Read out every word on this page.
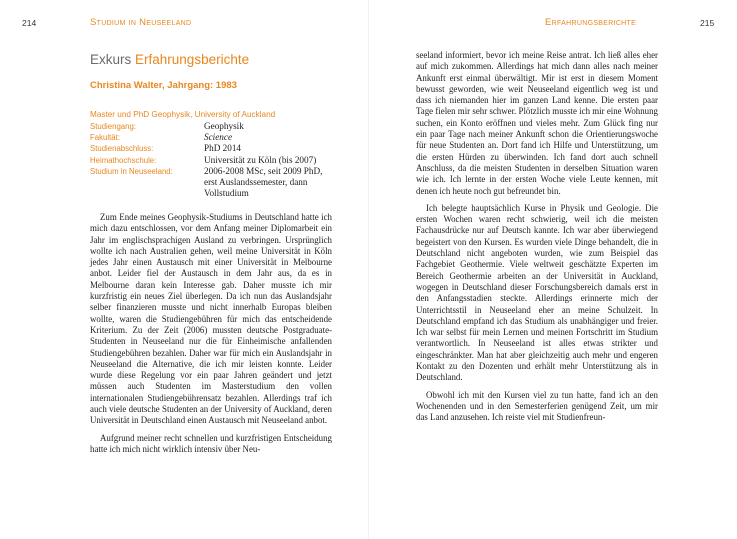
214	Studium in Neuseeland
Exkurs Erfahrungsberichte
Christina Walter, Jahrgang: 1983
Master und PhD Geophysik, University of Auckland
Studiengang:	Geophysik
Fakultät:	Science
Studienabschluss:	PhD 2014
Heimathochschule:	Universität zu Köln (bis 2007)
Studium in Neuseeland:	2006-2008 MSc, seit 2009 PhD, erst Auslandssemester, dann Vollstudium

Zum Ende meines Geophysik-Studiums in Deutschland hatte ich mich dazu entschlossen, vor dem Anfang meiner Diplomarbeit ein Jahr im englischsprachigen Ausland zu verbringen. Ursprünglich wollte ich nach Australien gehen, weil meine Universität in Köln jedes Jahr einen Austausch mit einer Universität in Melbourne anbot. Leider fiel der Austausch in dem Jahr aus, da es in Melbourne daran kein Interesse gab. Daher musste ich mir kurzfristig ein neues Ziel überlegen. Da ich nun das Auslandsjahr selber finanzieren musste und nicht innerhalb Europas bleiben wollte, waren die Studiengebühren für mich das entscheidende Kriterium. Zu der Zeit (2006) mussten deutsche Postgraduate-Studenten in Neuseeland nur die für Einheimische anfallenden Studiengebühren bezahlen. Daher war für mich ein Auslandsjahr in Neuseeland die Alternative, die ich mir leisten konnte. Leider wurde diese Regelung vor ein paar Jahren geändert und jetzt müssen auch Studenten im Masterstudium den vollen internationalen Studiengebührensatz bezahlen. Allerdings traf ich auch viele deutsche Studenten an der University of Auckland, deren Universität in Deutschland einen Austausch mit Neuseeland anbot.

Aufgrund meiner recht schnellen und kurzfristigen Entscheidung hatte ich mich nicht wirklich intensiv über Neu-

Erfahrungsberichte	215

seeland informiert, bevor ich meine Reise antrat. Ich ließ alles eher auf mich zukommen. Allerdings hat mich dann alles nach meiner Ankunft erst einmal überwältigt. Mir ist erst in diesem Moment bewusst geworden, wie weit Neuseeland eigentlich weg ist und dass ich niemanden hier im ganzen Land kenne. Die ersten paar Tage fielen mir sehr schwer. Plötzlich musste ich mir eine Wohnung suchen, ein Konto eröffnen und vieles mehr. Zum Glück fing nur ein paar Tage nach meiner Ankunft schon die Orientierungswoche für neue Studenten an. Dort fand ich Hilfe und Unterstützung, um die ersten Hürden zu überwinden. Ich fand dort auch schnell Anschluss, da die meisten Studenten in derselben Situation waren wie ich. Ich lernte in der ersten Woche viele Leute kennen, mit denen ich heute noch gut befreundet bin.

Ich belegte hauptsächlich Kurse in Physik und Geologie. Die ersten Wochen waren recht schwierig, weil ich die meisten Fachausdrücke nur auf Deutsch kannte. Ich war aber überwiegend begeistert von den Kursen. Es wurden viele Dinge behandelt, die in Deutschland nicht angeboten wurden, wie zum Beispiel das Fachgebiet Geothermie. Viele weltweit geschätzte Experten im Bereich Geothermie arbeiten an der Universität in Auckland, wogegen in Deutschland dieser Forschungsbereich damals erst in den Anfangsstadien steckte. Allerdings erinnerte mich der Unterrichtsstil in Neuseeland eher an meine Schulzeit. In Deutschland empfand ich das Studium als unabhängiger und freier. Ich war selbst für mein Lernen und meinen Fortschritt im Studium verantwortlich. In Neuseeland ist alles etwas strikter und eingeschränkter. Man hat aber gleichzeitig auch mehr und engeren Kontakt zu den Dozenten und erhält mehr Unterstützung als in Deutschland.

Obwohl ich mit den Kursen viel zu tun hatte, fand ich an den Wochenenden und in den Semesterferien genügend Zeit, um mir das Land anzusehen. Ich reiste viel mit Studienfreun-
